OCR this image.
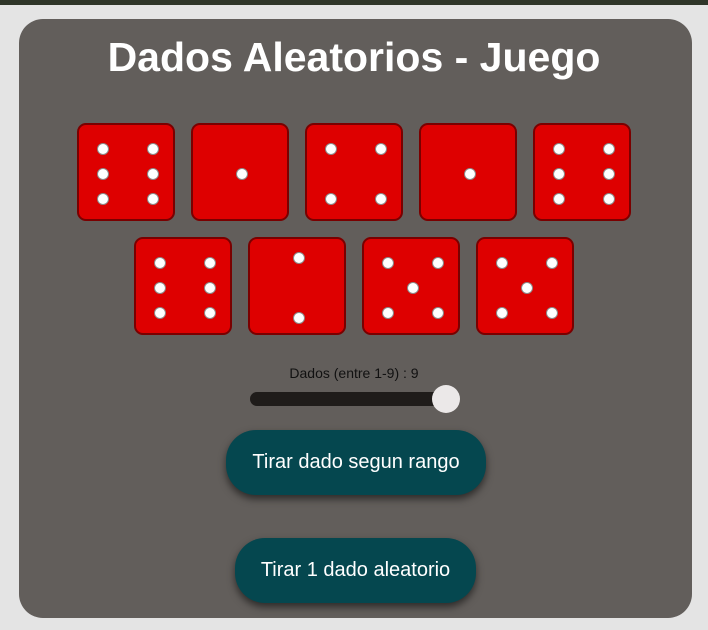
Dados Aleatorios - Juego
Dados (entre 1-9) : 9
Tirar dado segun rango
Tirar 1 dado aleatorio
